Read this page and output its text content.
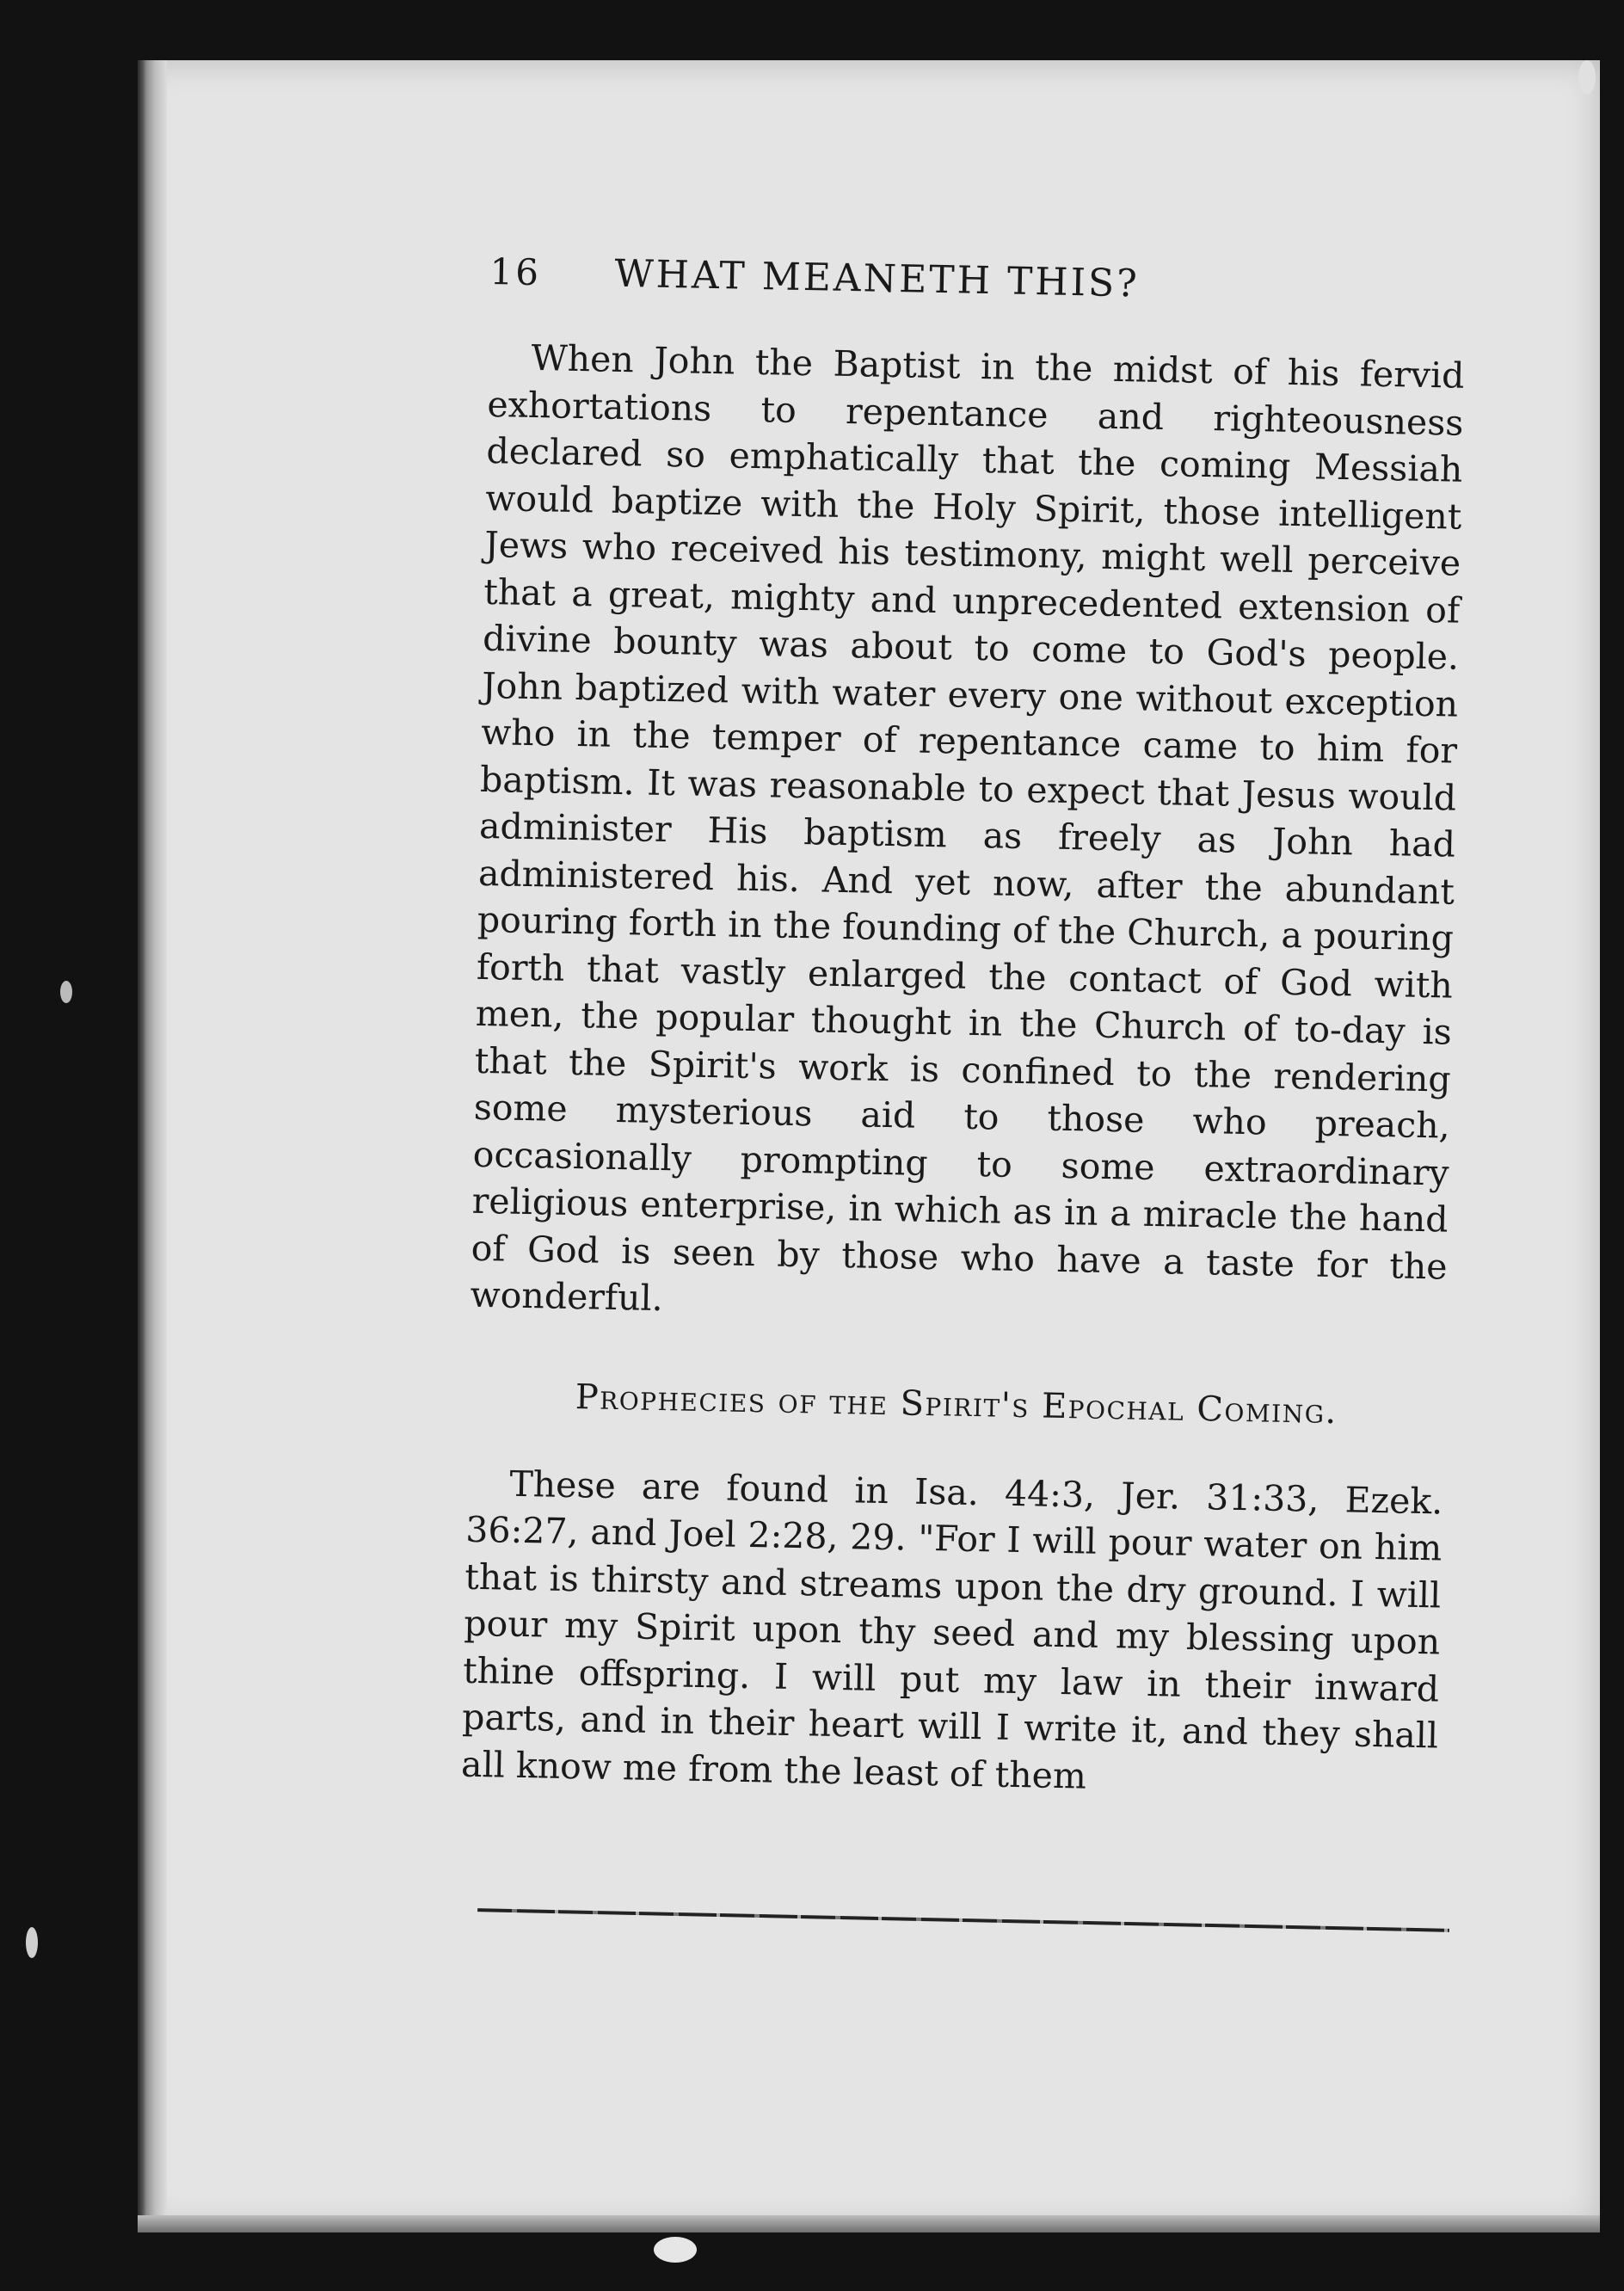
16	WHAT MEANETH THIS?

When John the Baptist in the midst of his fervid exhortations to repentance and righteousness declared so emphatically that the coming Messiah would baptize with the Holy Spirit, those intelligent Jews who received his testimony, might well perceive that a great, mighty and unprecedented extension of divine bounty was about to come to God's people. John baptized with water every one without exception who in the temper of repentance came to him for baptism. It was reasonable to expect that Jesus would administer His baptism as freely as John had administered his. And yet now, after the abundant pouring forth in the founding of the Church, a pouring forth that vastly enlarged the contact of God with men, the popular thought in the Church of to-day is that the Spirit's work is confined to the rendering some mysterious aid to those who preach, occasionally prompting to some extraordinary religious enterprise, in which as in a miracle the hand of God is seen by those who have a taste for the wonderful.

Prophecies of the Spirit's Epochal Coming.

These are found in Isa. 44:3, Jer. 31:33, Ezek. 36:27, and Joel 2:28, 29. "For I will pour water on him that is thirsty and streams upon the dry ground. I will pour my Spirit upon thy seed and my blessing upon thine offspring. I will put my law in their inward parts, and in their heart will I write it, and they shall all know me from the least of them
